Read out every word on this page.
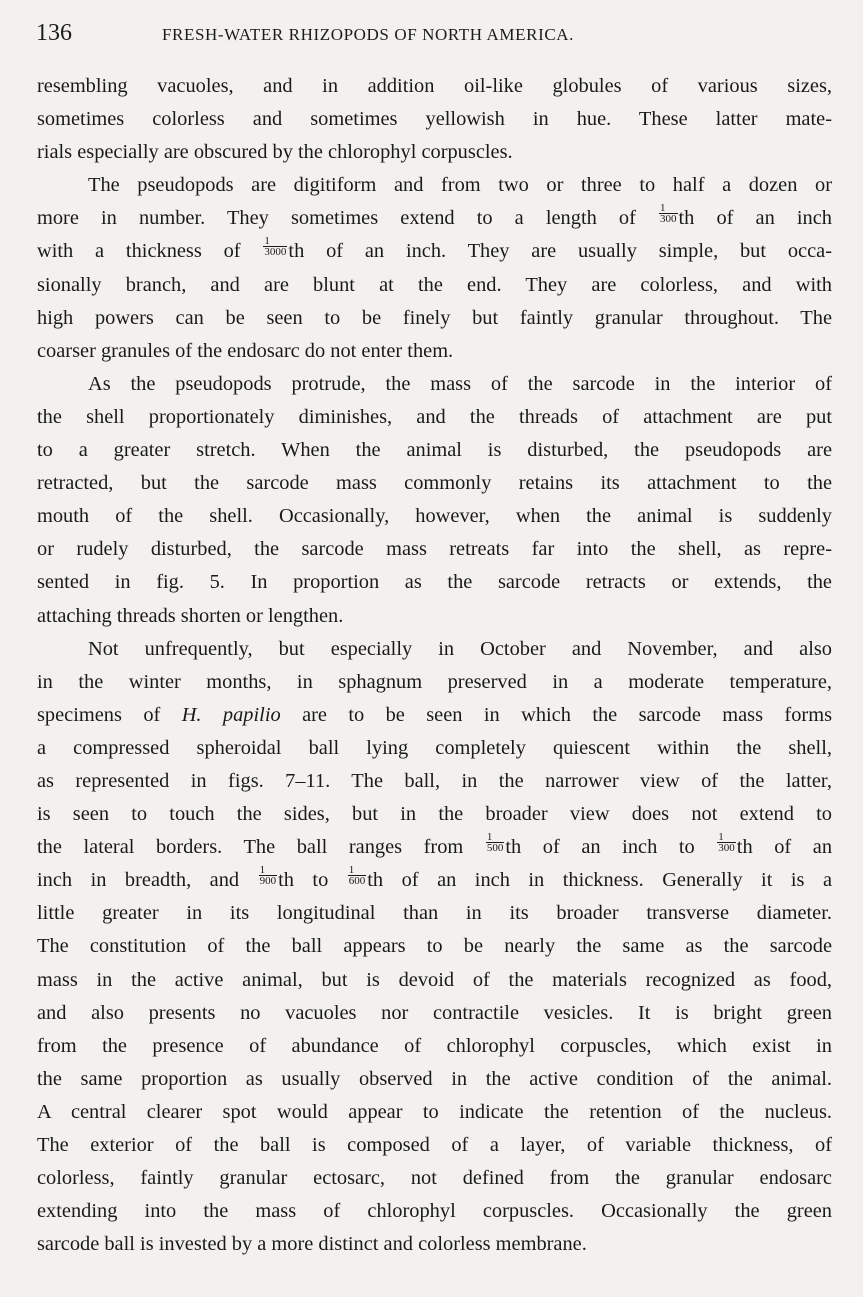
136	FRESH-WATER RHIZOPODS OF NORTH AMERICA.
resembling vacuoles, and in addition oil-like globules of various sizes,
sometimes colorless and sometimes yellowish in hue. These latter mate-
rials especially are obscured by the chlorophyl corpuscles.
The pseudopods are digitiform and from two or three to half a dozen or
more in number. They sometimes extend to a length of $\frac{1}{300}$ th of an inch
with a thickness of $\frac{1}{3000}$ th of an inch. They are usually simple, but occa-
sionally branch, and are blunt at the end. They are colorless, and with
high powers can be seen to be finely but faintly granular throughout. The
coarser granules of the endosarc do not enter them.
As the pseudopods protrude, the mass of the sarcode in the interior of
the shell proportionately diminishes, and the threads of attachment are put
to a greater stretch. When the animal is disturbed, the pseudopods are
retracted, but the sarcode mass commonly retains its attachment to the
mouth of the shell. Occasionally, however, when the animal is suddenly
or rudely disturbed, the sarcode mass retreats far into the shell, as repre-
sented in fig. 5. In proportion as the sarcode retracts or extends, the
attaching threads shorten or lengthen.
Not unfrequently, but especially in October and November, and also
in the winter months, in sphagnum preserved in a moderate temperature,
specimens of H. papilio are to be seen in which the sarcode mass forms
a compressed spheroidal ball lying completely quiescent within the shell,
as represented in figs. 7–11. The ball, in the narrower view of the latter,
is seen to touch the sides, but in the broader view does not extend to
the lateral borders. The ball ranges from $\frac{1}{500}$ th of an inch to $\frac{1}{300}$ th of an
inch in breadth, and $\frac{1}{900}$ th to $\frac{1}{600}$ th of an inch in thickness. Generally it is a
little greater in its longitudinal than in its broader transverse diameter.
The constitution of the ball appears to be nearly the same as the sarcode
mass in the active animal, but is devoid of the materials recognized as food,
and also presents no vacuoles nor contractile vesicles. It is bright green
from the presence of abundance of chlorophyl corpuscles, which exist in
the same proportion as usually observed in the active condition of the animal.
A central clearer spot would appear to indicate the retention of the nucleus.
The exterior of the ball is composed of a layer, of variable thickness, of
colorless, faintly granular ectosarc, not defined from the granular endosarc
extending into the mass of chlorophyl corpuscles. Occasionally the green
sarcode ball is invested by a more distinct and colorless membrane.
